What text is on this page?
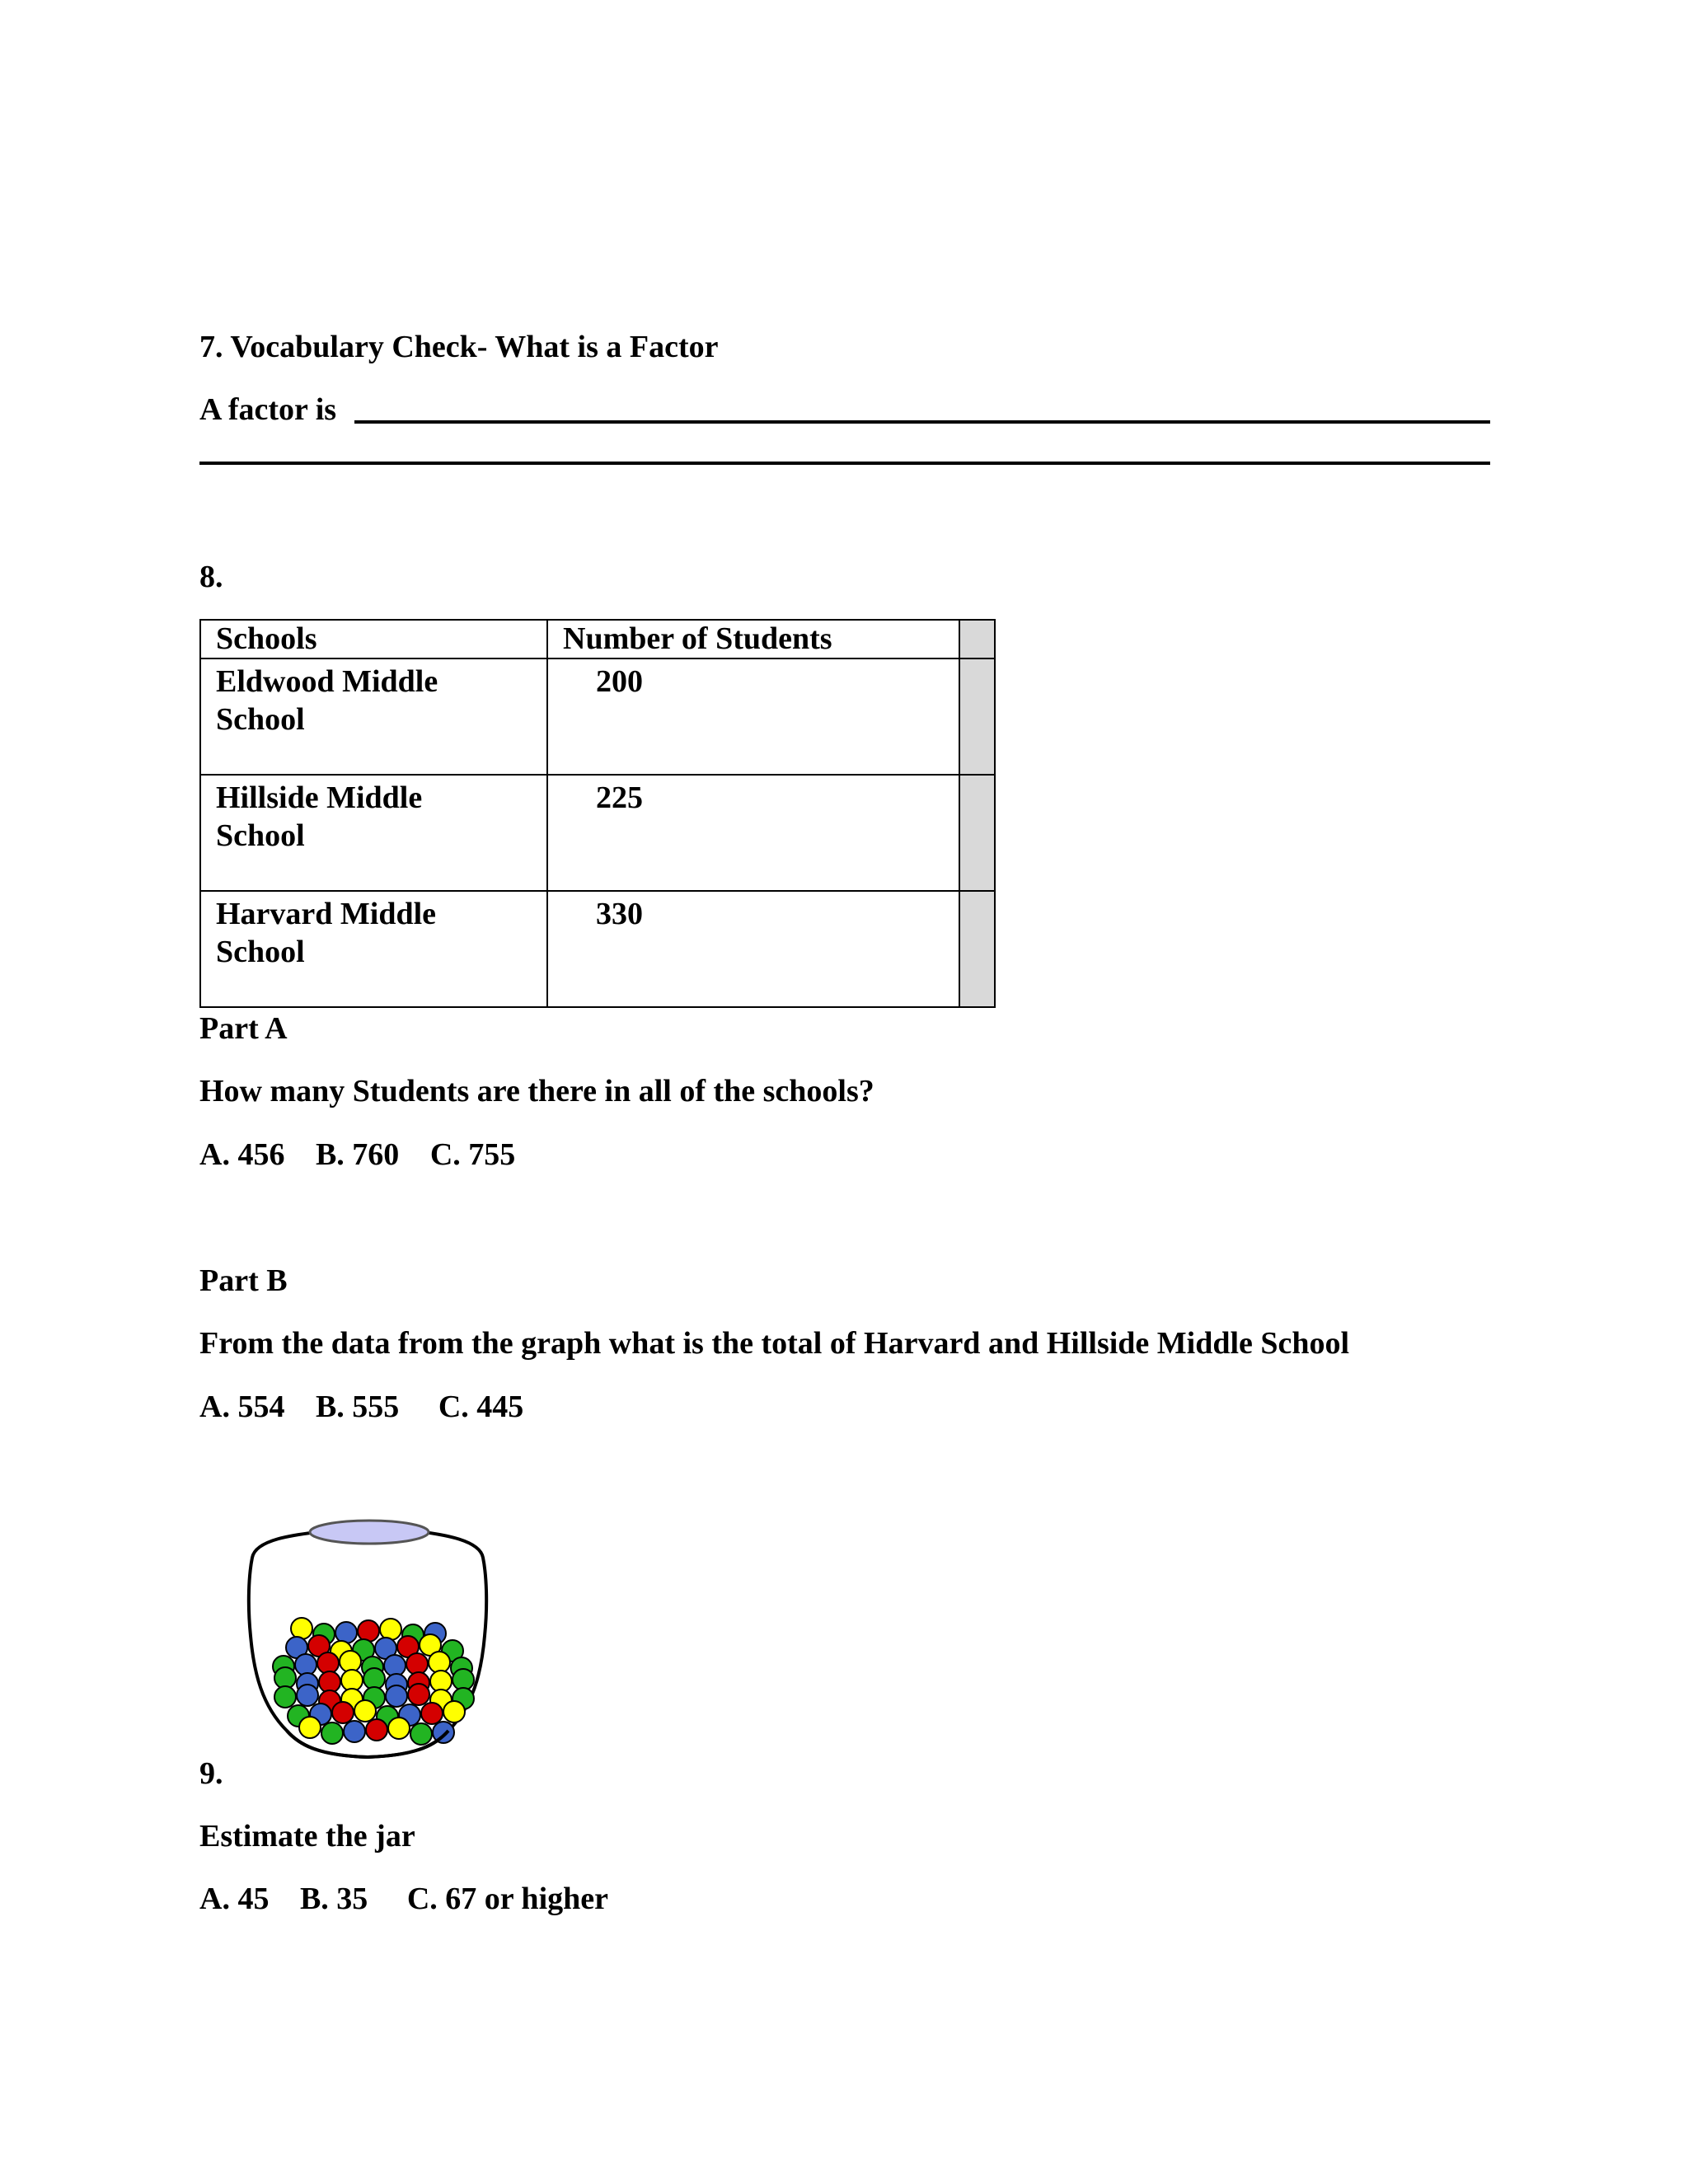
7. Vocabulary Check- What is a Factor
A factor is
8.
Schools	Number of Students	
Eldwood Middle
School	200	
Hillside Middle
School	225	
Harvard Middle
School	330	
Part A
How many Students are there in all of the schools?
A. 456 B. 760 C. 755
Part B
From the data from the graph what is the total of Harvard and Hillside Middle School
A. 554 B. 555 C. 445
9.
Estimate the jar
A. 45 B. 35 C. 67 or higher
